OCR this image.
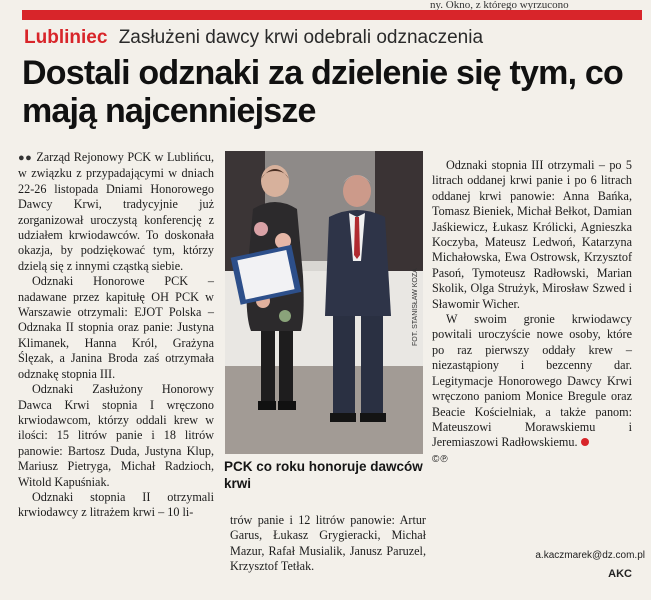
ny. Okno, z którego wyrzucono
Lubliniec Zasłużeni dawcy krwi odebrali odznaczenia
Dostali odznaki za dzielenie się tym, co mają najcenniejsze

●● Zarząd Rejonowy PCK w Lublińcu, w związku z przypadającymi w dniach 22-26 listopada Dniami Honorowego Dawcy Krwi, tradycyjnie już zorganizował uroczystą konferencję z udziałem krwiodawców. To doskonała okazja, by podziękować tym, którzy dzielą się z innymi cząstką siebie.

Odznaki Honorowe PCK – nadawane przez kapitułę OH PCK w Warszawie otrzymali: EJOT Polska – Odznaka II stopnia oraz panie: Justyna Klimanek, Hanna Król, Grażyna Ślęzak, a Janina Broda zaś otrzymała odznakę stopnia III.

Odznaki Zasłużony Honorowy Dawca Krwi stopnia I wręczono krwiodawcom, którzy oddali krew w ilości: 15 litrów panie i 18 litrów panowie: Bartosz Duda, Justyna Klup, Mariusz Pietryga, Michał Radzioch, Witold Kapuśniak.

Odznaki stopnia II otrzymali krwiodawcy z litrażem krwi – 10 li-

FOT. STANISŁAW KOZA
PCK co roku honoruje dawców krwi

trów panie i 12 litrów panowie: Artur Garus, Łukasz Grygieracki, Michał Mazur, Rafał Musialik, Janusz Paruzel, Krzysztof Tetłak.

Odznaki stopnia III otrzymali – po 5 litrach oddanej krwi panie i po 6 litrach oddanej krwi panowie: Anna Bańka, Tomasz Bieniek, Michał Bełkot, Damian Jaśkiewicz, Łukasz Królicki, Agnieszka Koczyba, Mateusz Ledwoń, Katarzyna Michałowska, Ewa Ostrowsk, Krzysztof Pasoń, Tymoteusz Radłowski, Marian Skolik, Olga Strużyk, Mirosław Szwed i Sławomir Wicher.

W swoim gronie krwiodawcy powitali uroczyście nowe osoby, które po raz pierwszy oddały krew – niezastąpiony i bezcenny dar. Legitymacje Honorowego Dawcy Krwi wręczono paniom Monice Bregule oraz Beacie Kościelniak, a także panom: Mateuszowi Morawskiemu i Jeremiaszowi Radłowskiemu.

©℗

a.kaczmarek@dz.com.pl
AKC
